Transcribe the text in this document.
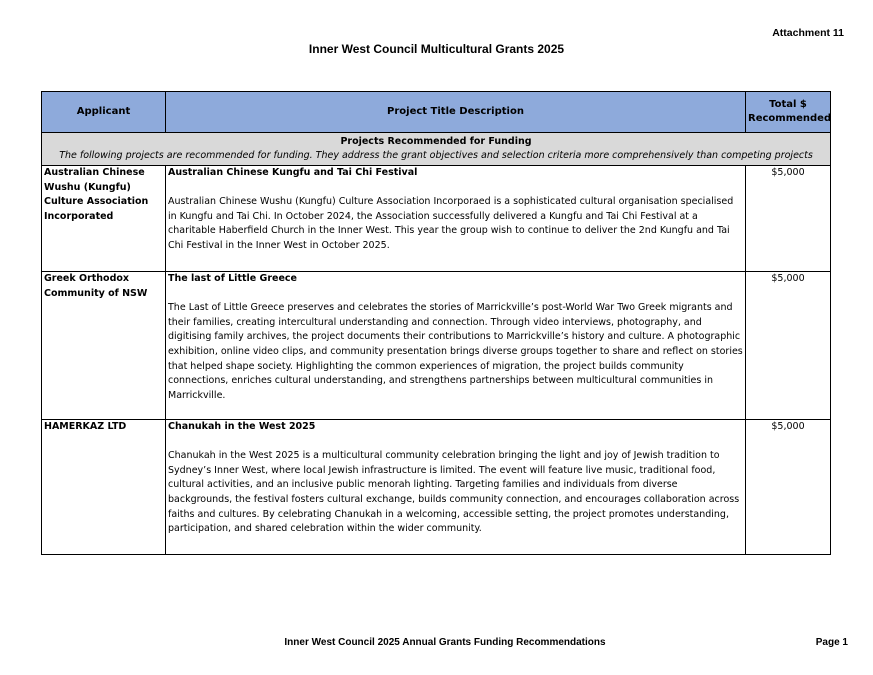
Attachment 11
Inner West Council Multicultural Grants 2025
Applicant	Project Title Description	Total $
Recommended

Projects Recommended for Funding
The following projects are recommended for funding. They address the grant objectives and selection criteria more comprehensively than competing projects		

Australian Chinese Wushu (Kungfu) Culture Association Incorporated	Australian Chinese Kungfu and Tai Chi Festival
Australian Chinese Wushu (Kungfu) Culture Association Incorporaed is a sophisticated cultural organisation specialised in Kungfu and Tai Chi. In October 2024, the Association successfully delivered a Kungfu and Tai Chi Festival at a charitable Haberfield Church in the Inner West. This year the group wish to continue to deliver the 2nd Kungfu and Tai Chi Festival in the Inner West in October 2025.	$5,000
Greek Orthodox Community of NSW	The last of Little Greece
The Last of Little Greece preserves and celebrates the stories of Marrickville’s post-World War Two Greek migrants and their families, creating intercultural understanding and connection. Through video interviews, photography, and digitising family archives, the project documents their contributions to Marrickville’s history and culture. A photographic exhibition, online video clips, and community presentation brings diverse groups together to share and reflect on stories that helped shape society. Highlighting the common experiences of migration, the project builds community connections, enriches cultural understanding, and strengthens partnerships between multicultural communities in Marrickville.	$5,000
HAMERKAZ LTD	Chanukah in the West 2025
Chanukah in the West 2025 is a multicultural community celebration bringing the light and joy of Jewish tradition to Sydney’s Inner West, where local Jewish infrastructure is limited. The event will feature live music, traditional food, cultural activities, and an inclusive public menorah lighting. Targeting families and individuals from diverse backgrounds, the festival fosters cultural exchange, builds community connection, and encourages collaboration across faiths and cultures. By celebrating Chanukah in a welcoming, accessible setting, the project promotes understanding, participation, and shared celebration within the wider community.	$5,000
Inner West Council 2025 Annual Grants Funding Recommendations	Page 1
